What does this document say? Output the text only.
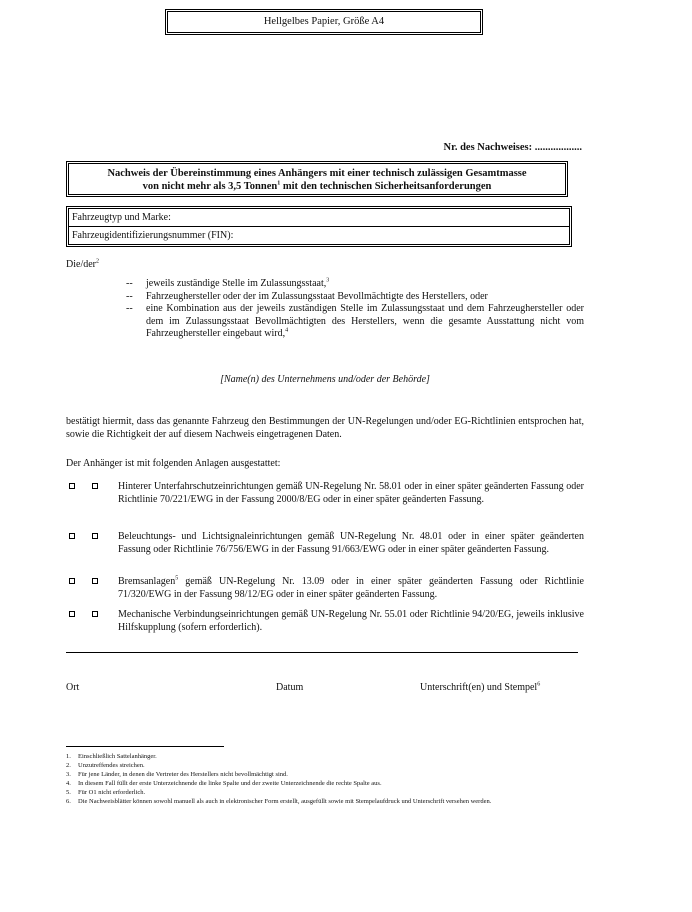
Hellgelbes Papier, Größe A4
Nr. des Nachweises: ..................
Nachweis der Übereinstimmung eines Anhängers mit einer technisch zulässigen Gesamtmasse
von nicht mehr als 3,5 Tonnen$^1$ mit den technischen Sicherheitsanforderungen
Fahrzeugtyp und Marke:
Fahrzeugidentifizierungsnummer (FIN):
Die/der$^2$
-- jeweils zuständige Stelle im Zulassungsstaat,$^3$
-- Fahrzeughersteller oder der im Zulassungsstaat Bevollmächtigte des Herstellers, oder
-- eine Kombination aus der jeweils zuständigen Stelle im Zulassungsstaat und dem Fahrzeughersteller oder dem im Zulassungsstaat Bevollmächtigten des Herstellers, wenn die gesamte Ausstattung nicht vom Fahrzeughersteller eingebaut wird,$^4$
[Name(n) des Unternehmens und/oder der Behörde]
bestätigt hiermit, dass das genannte Fahrzeug den Bestimmungen der UN-Regelungen und/oder EG-Richtlinien entsprochen hat, sowie die Richtigkeit der auf diesem Nachweis eingetragenen Daten.
Der Anhänger ist mit folgenden Anlagen ausgestattet:
Hinterer Unterfahrschutzeinrichtungen gemäß UN-Regelung Nr. 58.01 oder in einer später geänderten Fassung oder Richtlinie 70/221/EWG in der Fassung 2000/8/EG oder in einer später geänderten Fassung.
Beleuchtungs- und Lichtsignaleinrichtungen gemäß UN-Regelung Nr. 48.01 oder in einer später geänderten Fassung oder Richtlinie 76/756/EWG in der Fassung 91/663/EWG oder in einer später geänderten Fassung.
Bremsanlagen$^5$ gemäß UN-Regelung Nr. 13.09 oder in einer später geänderten Fassung oder Richtlinie 71/320/EWG in der Fassung 98/12/EG oder in einer später geänderten Fassung.
Mechanische Verbindungseinrichtungen gemäß UN-Regelung Nr. 55.01 oder Richtlinie 94/20/EG, jeweils inklusive Hilfskupplung (sofern erforderlich).
Ort	Datum	Unterschrift(en) und Stempel$^6$
1. Einschließlich Sattelanhänger.
2. Unzutreffendes streichen.
3. Für jene Länder, in denen die Vertreter des Herstellers nicht bevollmächtigt sind.
4. In diesem Fall füllt der erste Unterzeichnende die linke Spalte und der zweite Unterzeichnende die rechte Spalte aus.
5. Für O1 nicht erforderlich.
6. Die Nachweisblätter können sowohl manuell als auch in elektronischer Form erstellt, ausgefüllt sowie mit Stempelaufdruck und Unterschrift versehen werden.
